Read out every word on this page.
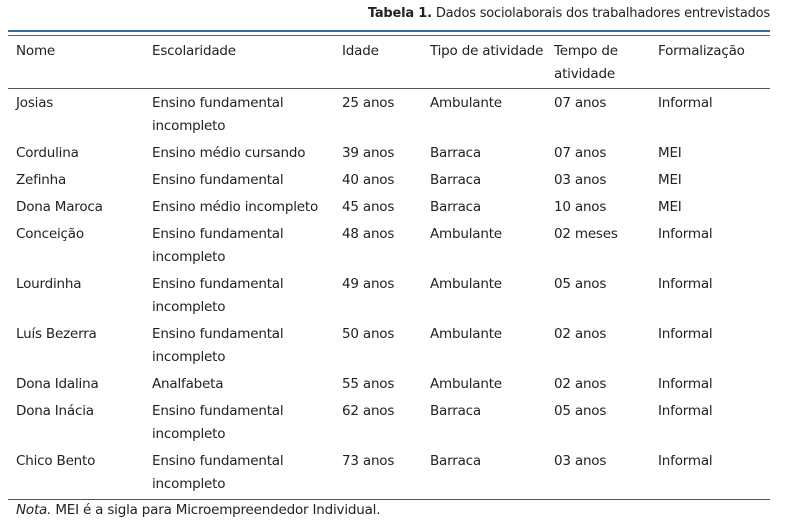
Tabela 1. Dados sociolaborais dos trabalhadores entrevistados
Nome	Escolaridade	Idade	Tipo de atividade	Tempo de atividade	Formalização
Josias	Ensino fundamental incompleto	25 anos	Ambulante	07 anos	Informal
Cordulina	Ensino médio cursando	39 anos	Barraca	07 anos	MEI
Zefinha	Ensino fundamental	40 anos	Barraca	03 anos	MEI
Dona Maroca	Ensino médio incompleto	45 anos	Barraca	10 anos	MEI
Conceição	Ensino fundamental incompleto	48 anos	Ambulante	02 meses	Informal
Lourdinha	Ensino fundamental incompleto	49 anos	Ambulante	05 anos	Informal
Luís Bezerra	Ensino fundamental incompleto	50 anos	Ambulante	02 anos	Informal
Dona Idalina	Analfabeta	55 anos	Ambulante	02 anos	Informal
Dona Inácia	Ensino fundamental incompleto	62 anos	Barraca	05 anos	Informal
Chico Bento	Ensino fundamental incompleto	73 anos	Barraca	03 anos	Informal
Nota. MEI é a sigla para Microempreendedor Individual.
